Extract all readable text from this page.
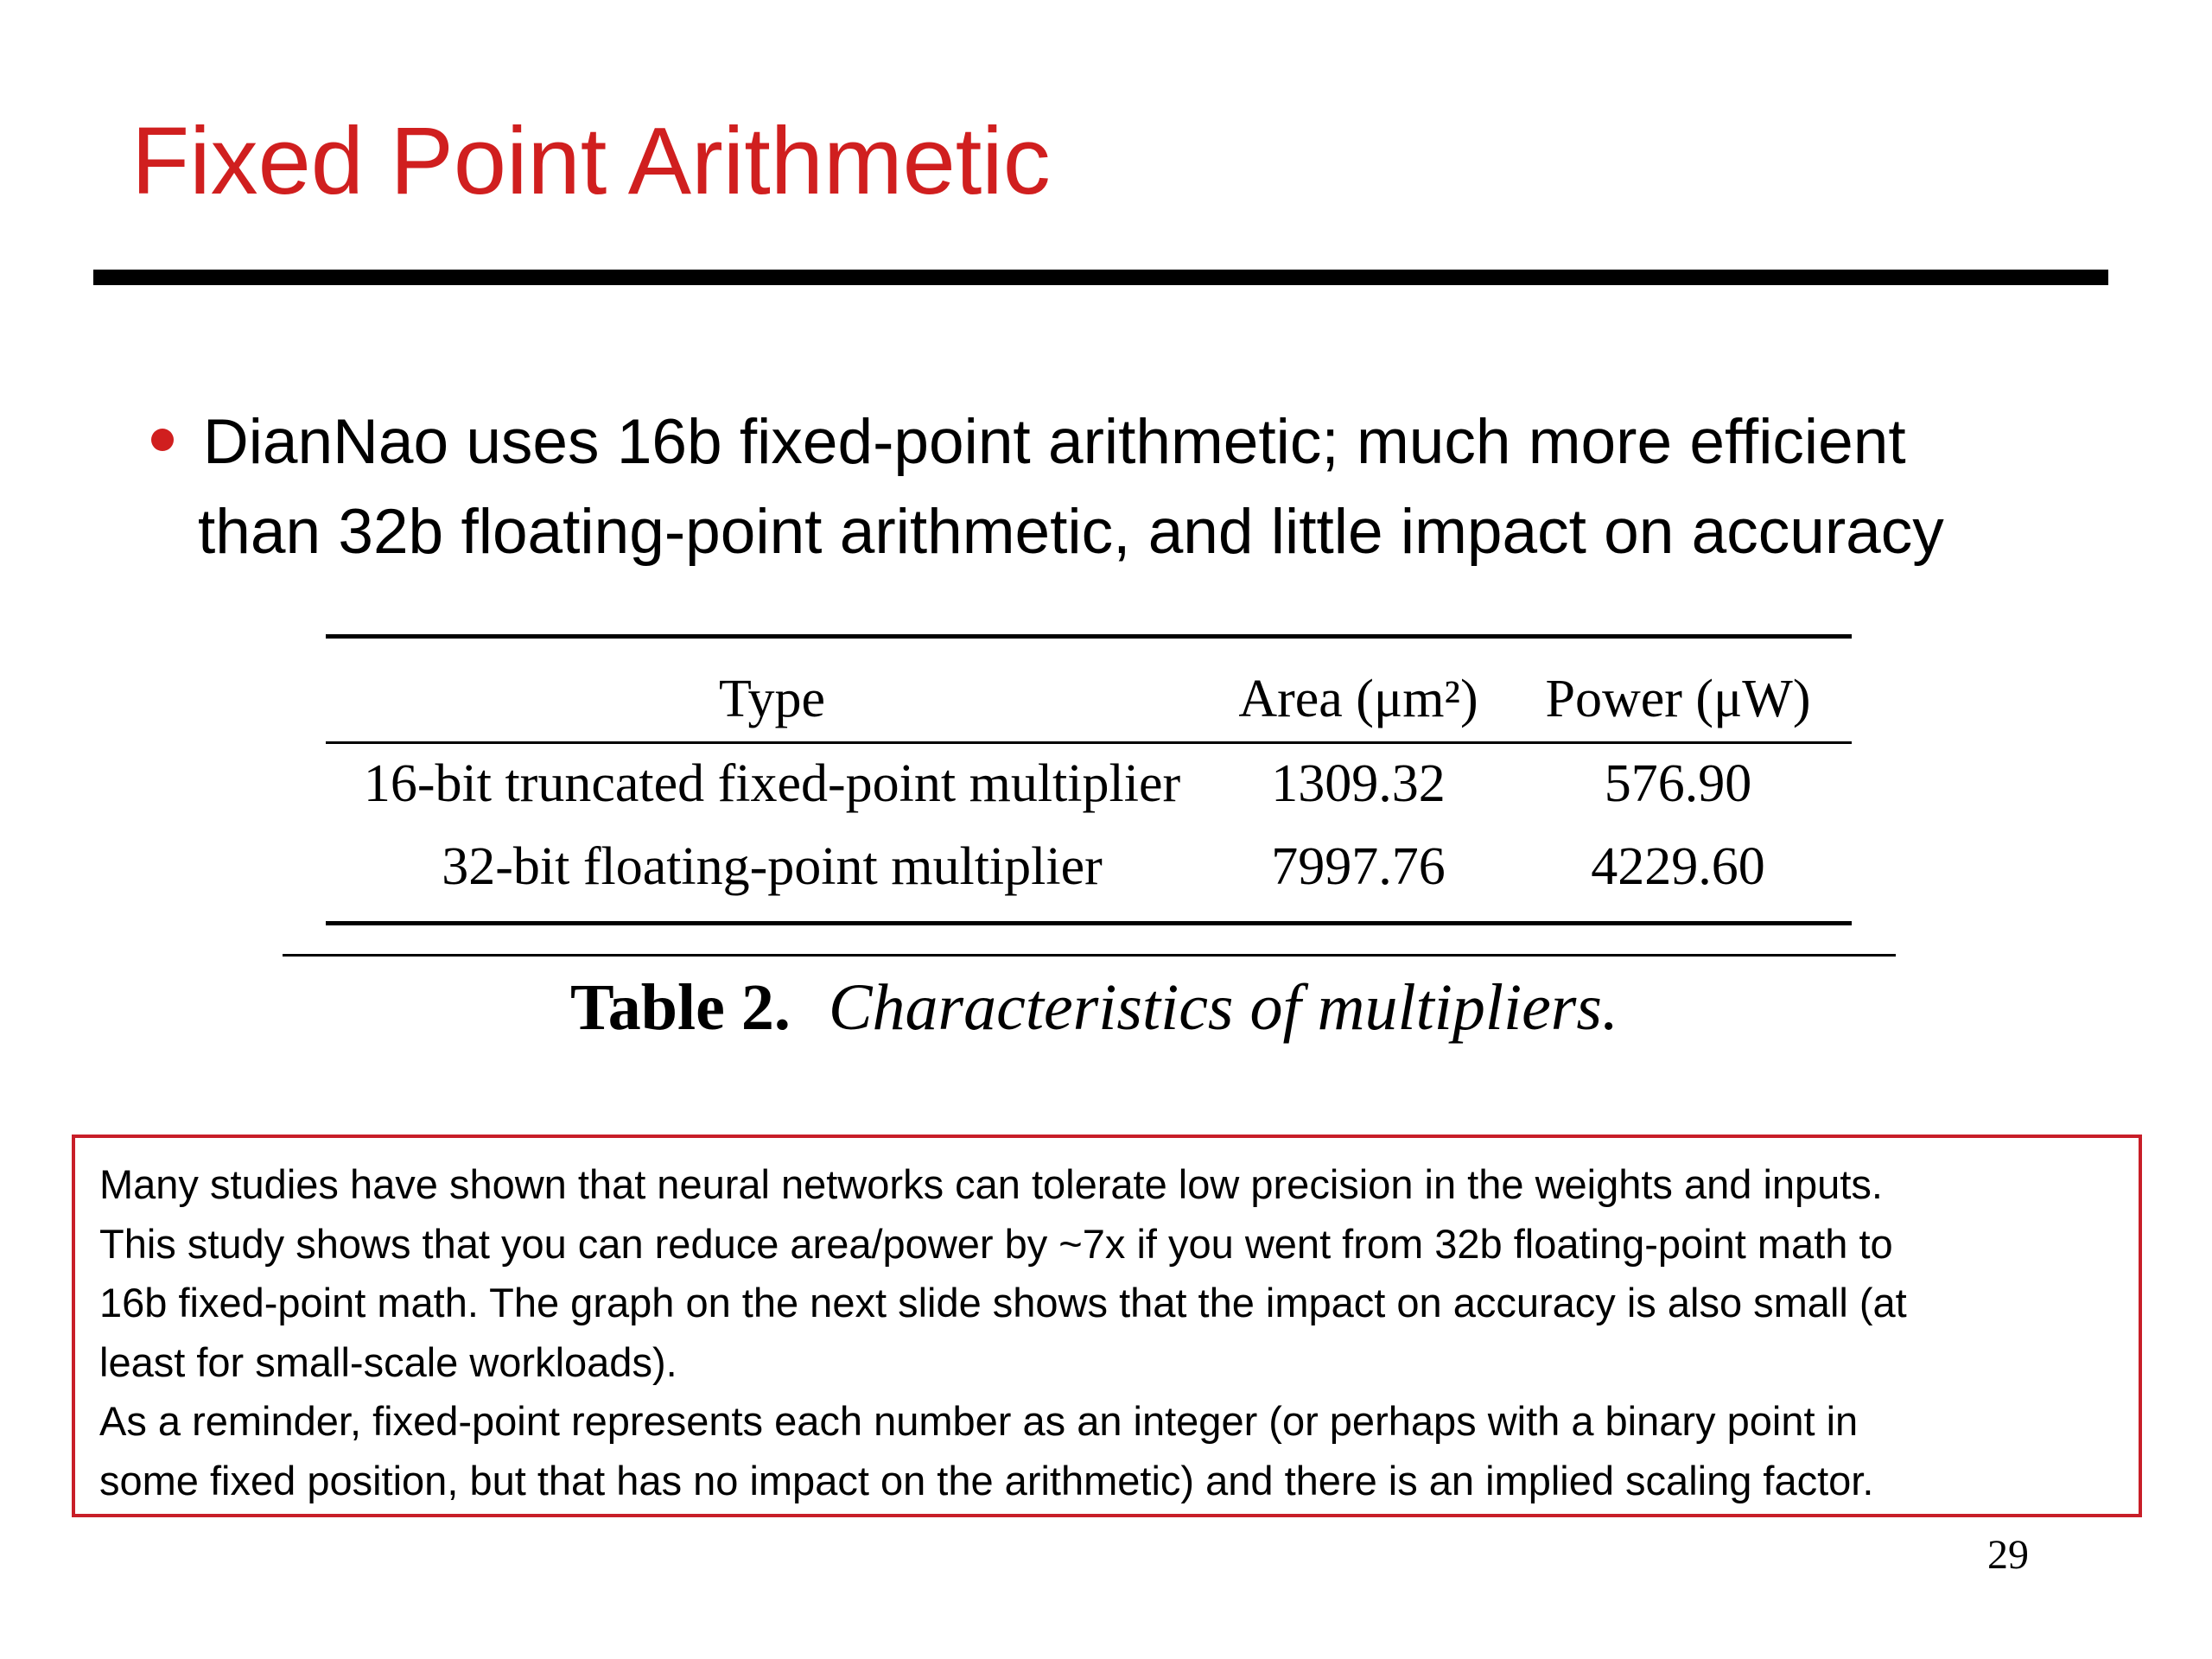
Fixed Point Arithmetic
DianNao uses 16b fixed-point arithmetic; much more efficient
than 32b floating-point arithmetic, and little impact on accuracy
Type	Area (μm²)	Power (μW)
16-bit truncated fixed-point multiplier	1309.32	576.90
32-bit floating-point multiplier	7997.76	4229.60
Table 2. Characteristics of multipliers.

Many studies have shown that neural networks can tolerate low precision in the weights and inputs.

This study shows that you can reduce area/power by ~7x if you went from 32b floating-point math to

16b fixed-point math. The graph on the next slide shows that the impact on accuracy is also small (at

least for small-scale workloads).

As a reminder, fixed-point represents each number as an integer (or perhaps with a binary point in

some fixed position, but that has no impact on the arithmetic) and there is an implied scaling factor.

29
